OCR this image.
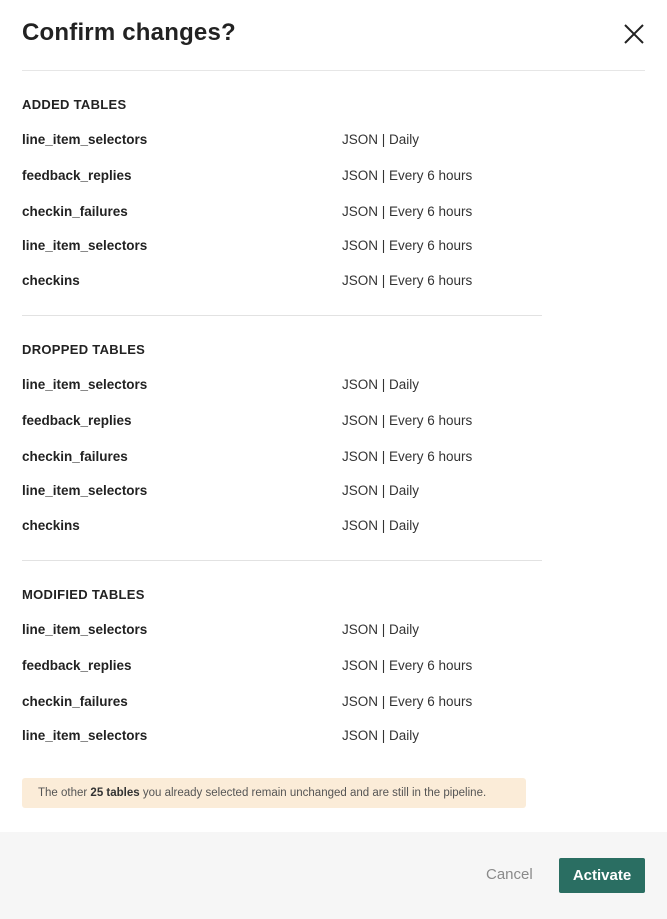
Confirm changes?
ADDED TABLES
line_item_selectors	JSON | Daily
feedback_replies	JSON | Every 6 hours
checkin_failures	JSON | Every 6 hours
line_item_selectors	JSON | Every 6 hours
checkins	JSON | Every 6 hours
DROPPED TABLES
line_item_selectors	JSON | Daily
feedback_replies	JSON | Every 6 hours
checkin_failures	JSON | Every 6 hours
line_item_selectors	JSON | Daily
checkins	JSON | Daily
MODIFIED TABLES
line_item_selectors	JSON | Daily
feedback_replies	JSON | Every 6 hours
checkin_failures	JSON | Every 6 hours
line_item_selectors	JSON | Daily
The other 25 tables you already selected remain unchanged and are still in the pipeline.
Cancel	Activate
